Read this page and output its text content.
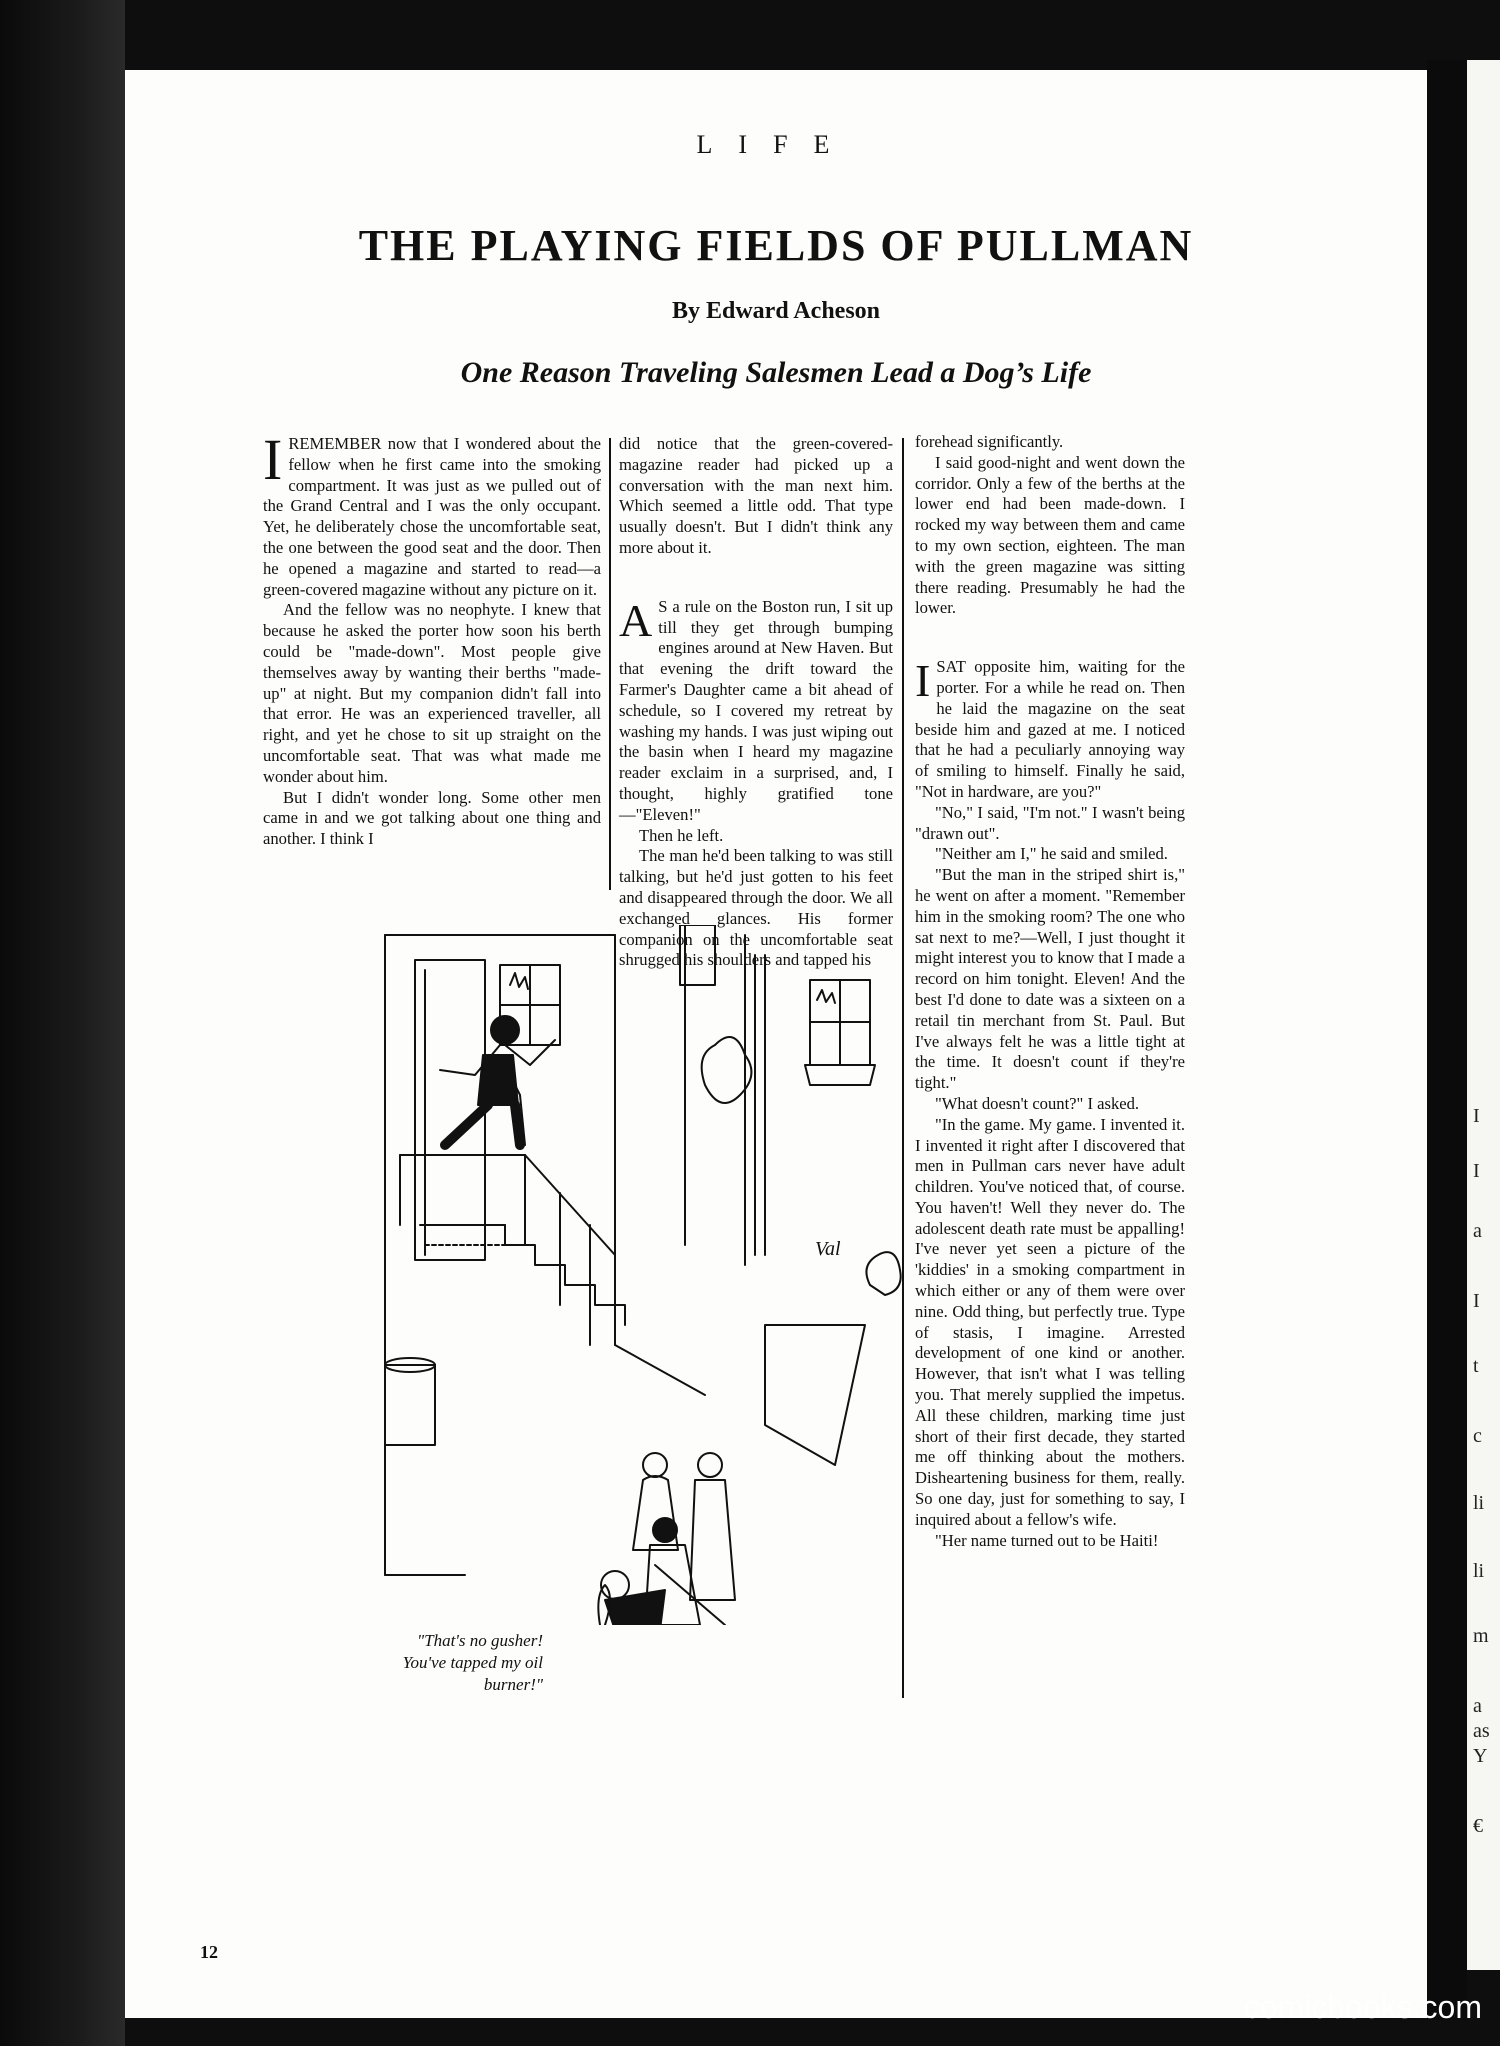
LIFE
THE PLAYING FIELDS OF PULLMAN
By Edward Acheson
One Reason Traveling Salesmen Lead a Dog’s Life

IREMEMBER now that I wondered about the fellow when he first came into the smoking compartment. It was just as we pulled out of the Grand Central and I was the only occupant. Yet, he deliberately chose the uncomfortable seat, the one between the good seat and the door. Then he opened a magazine and started to read—a green-covered magazine without any picture on it.

And the fellow was no neophyte. I knew that because he asked the porter how soon his berth could be "made-down". Most people give themselves away by wanting their berths "made-up" at night. But my companion didn't fall into that error. He was an experienced traveller, all right, and yet he chose to sit up straight on the uncomfortable seat. That was what made me wonder about him.

But I didn't wonder long. Some other men came in and we got talking about one thing and another. I think I

did notice that the green-covered-magazine reader had picked up a conversation with the man next him. Which seemed a little odd. That type usually doesn't. But I didn't think any more about it.

A S a rule on the Boston run, I sit up till they get through bumping engines around at New Haven. But that evening the drift toward the Farmer's Daughter came a bit ahead of schedule, so I covered my retreat by washing my hands. I was just wiping out the basin when I heard my magazine reader exclaim in a surprised, and, I thought, highly gratified tone—"Eleven!"

Then he left.

The man he'd been talking to was still talking, but he'd just gotten to his feet and disappeared through the door. We all exchanged glances. His former companion on the uncomfortable seat shrugged his shoulders and tapped his

forehead significantly.

I said good-night and went down the corridor. Only a few of the berths at the lower end had been made-down. I rocked my way between them and came to my own section, eighteen. The man with the green magazine was sitting there reading. Presumably he had the lower.

ISAT opposite him, waiting for the porter. For a while he read on. Then he laid the magazine on the seat beside him and gazed at me. I noticed that he had a peculiarly annoying way of smiling to himself. Finally he said, "Not in hardware, are you?"

"No," I said, "I'm not." I wasn't being "drawn out".

"Neither am I," he said and smiled.

"But the man in the striped shirt is," he went on after a moment. "Remember him in the smoking room? The one who sat next to me?—Well, I just thought it might interest you to know that I made a record on him tonight. Eleven! And the best I'd done to date was a sixteen on a retail tin merchant from St. Paul. But I've always felt he was a little tight at the time. It doesn't count if they're tight."

"What doesn't count?" I asked.

"In the game. My game. I invented it. I invented it right after I discovered that men in Pullman cars never have adult children. You've noticed that, of course. You haven't! Well they never do. The adolescent death rate must be appalling! I've never yet seen a picture of the 'kiddies' in a smoking compartment in which either or any of them were over nine. Odd thing, but perfectly true. Type of stasis, I imagine. Arrested development of one kind or another. However, that isn't what I was telling you. That merely supplied the impetus. All these children, marking time just short of their first decade, they started me off thinking about the mothers. Disheartening business for them, really. So one day, just for something to say, I inquired about a fellow's wife.

"Her name turned out to be Haiti!

Val
"That's no gusher! You've tapped my oil burner!"
12
I
I
a
I
t
c
li
li
m
a
as
Y
€
comicbooks.com
